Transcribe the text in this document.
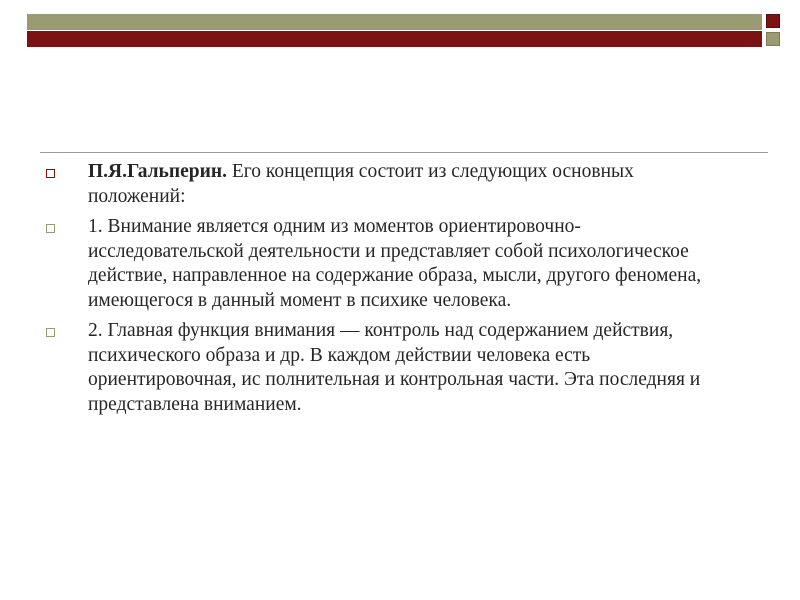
П.Я.Гальперин. Его концепция состоит из следующих основных положений:
1. Внимание является одним из моментов ориентировочно-исследовательской деятельности и представляет собой психологическое действие, направленное на содержание образа, мысли, другого феномена, имеющегося в данный момент в психике человека.
2. Главная функция внимания — контроль над содержанием действия, психического образа и др. В каждом действии человека есть ориентировочная, ис полнительная и контрольная части. Эта последняя и представлена вниманием.
